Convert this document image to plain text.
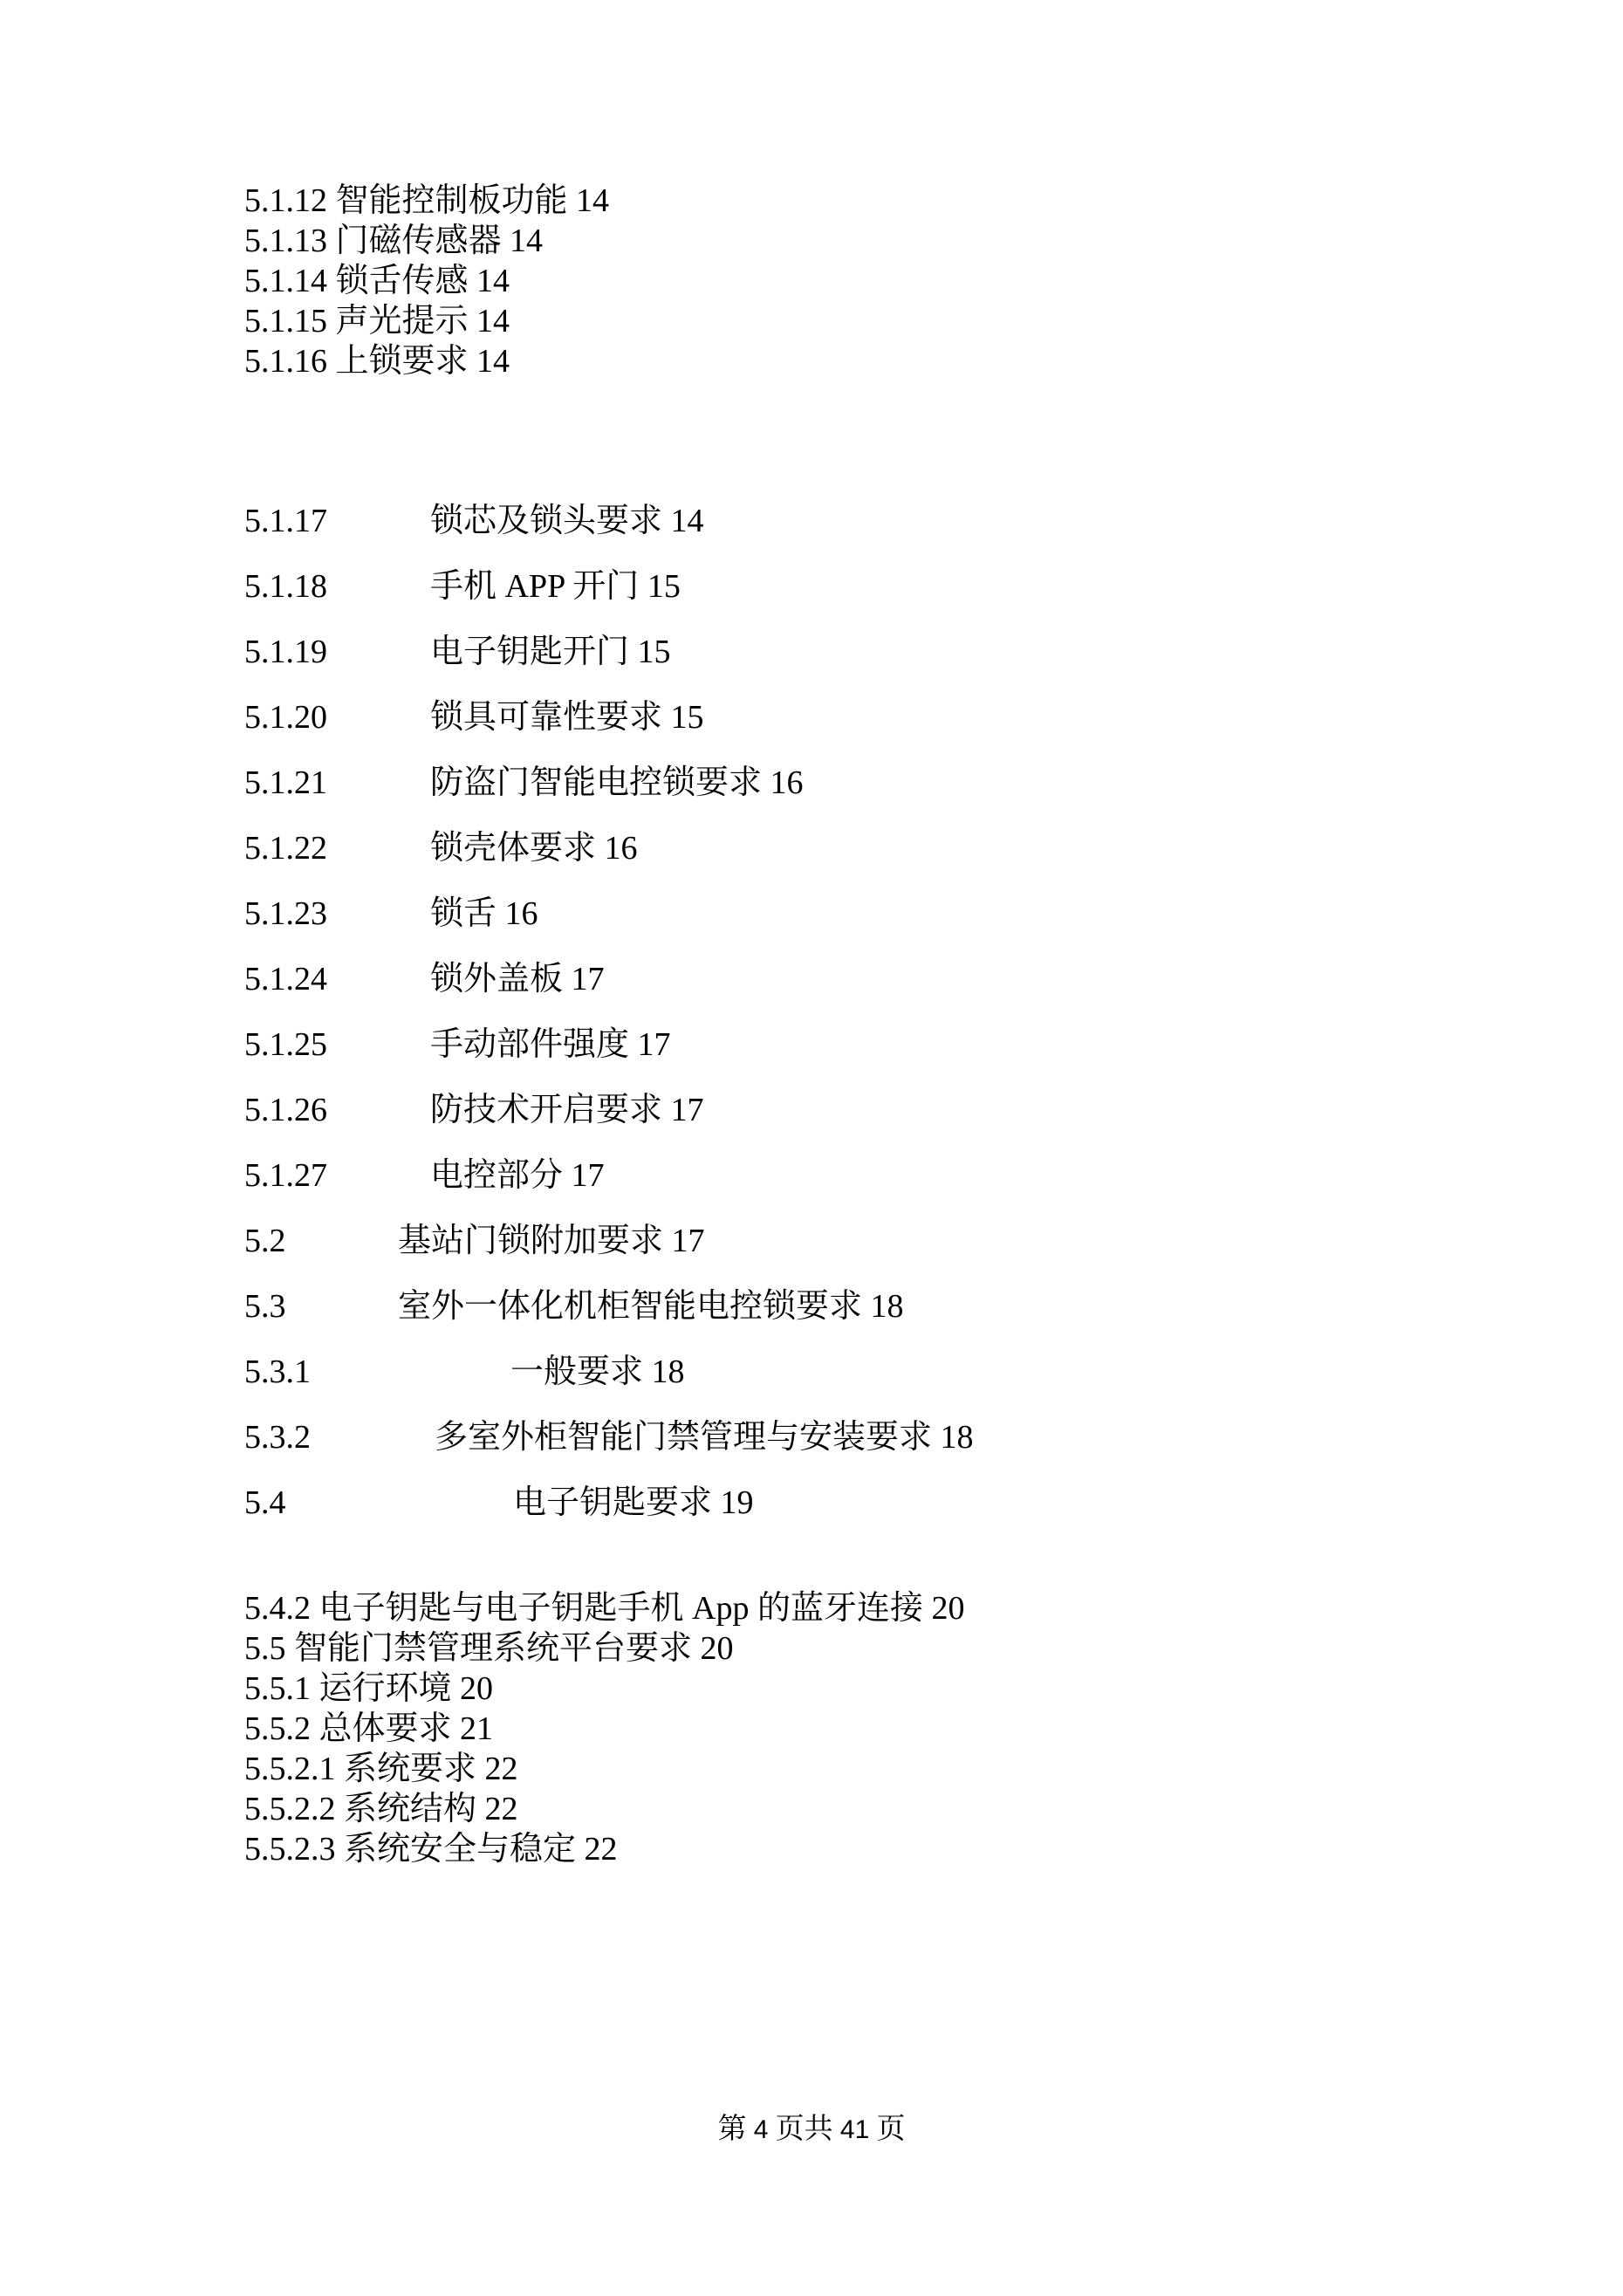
5.1.12 智能控制板功能 14
5.1.13 门磁传感器 14
5.1.14 锁舌传感 14
5.1.15 声光提示 14
5.1.16 上锁要求 14
5.1.17	锁芯及锁头要求 14
5.1.18	手机 APP 开门 15
5.1.19	电子钥匙开门 15
5.1.20	锁具可靠性要求 15
5.1.21	防盗门智能电控锁要求 16
5.1.22	锁壳体要求 16
5.1.23	锁舌 16
5.1.24	锁外盖板 17
5.1.25	手动部件强度 17
5.1.26	防技术开启要求 17
5.1.27	电控部分 17
5.2	基站门锁附加要求 17
5.3	室外一体化机柜智能电控锁要求 18
5.3.1	一般要求 18
5.3.2	多室外柜智能门禁管理与安装要求 18
5.4	电子钥匙要求 19
5.4.2 电子钥匙与电子钥匙手机 App 的蓝牙连接 20
5.5 智能门禁管理系统平台要求 20
5.5.1 运行环境 20
5.5.2 总体要求 21
5.5.2.1 系统要求 22
5.5.2.2 系统结构 22
5.5.2.3 系统安全与稳定 22
第 4 页共 41 页
